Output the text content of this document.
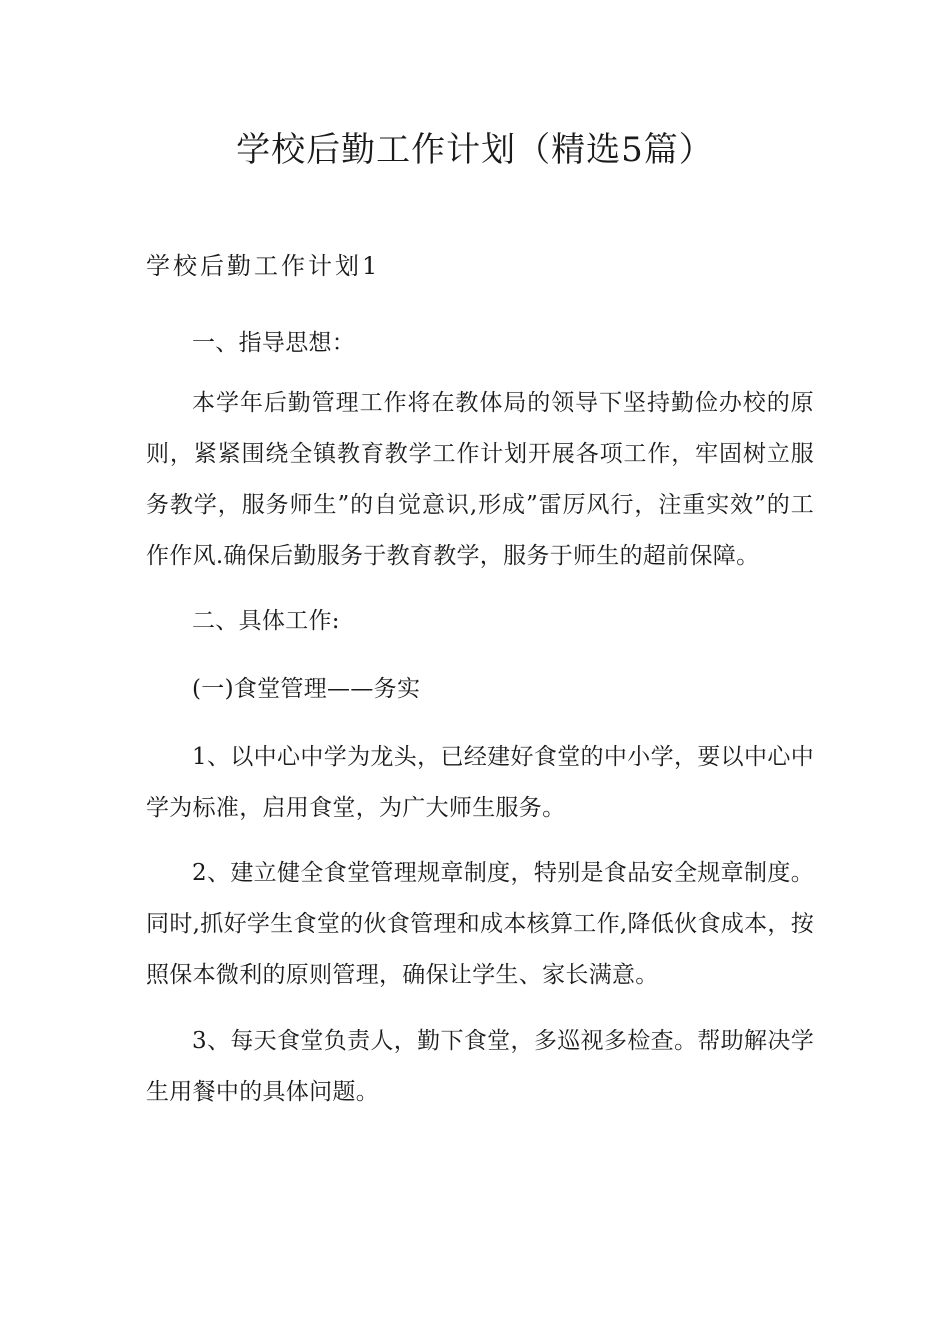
学校后勤工作计划（精选5篇）
学校后勤工作计划1

一、指导思想：

本学年后勤管理工作将在教体局的领导下坚持勤俭办校的原则，紧紧围绕全镇教育教学工作计划开展各项工作，牢固树立服务教学，服务师生”的自觉意识,形成”雷厉风行，注重实效”的工作作风.确保后勤服务于教育教学，服务于师生的超前保障。

二、具体工作:

(一)食堂管理——务实

1、以中心中学为龙头，已经建好食堂的中小学，要以中心中学为标准，启用食堂，为广大师生服务。

2、建立健全食堂管理规章制度，特别是食品安全规章制度。同时,抓好学生食堂的伙食管理和成本核算工作,降低伙食成本，按照保本微利的原则管理，确保让学生、家长满意。

3、每天食堂负责人，勤下食堂，多巡视多检查。帮助解决学生用餐中的具体问题。
